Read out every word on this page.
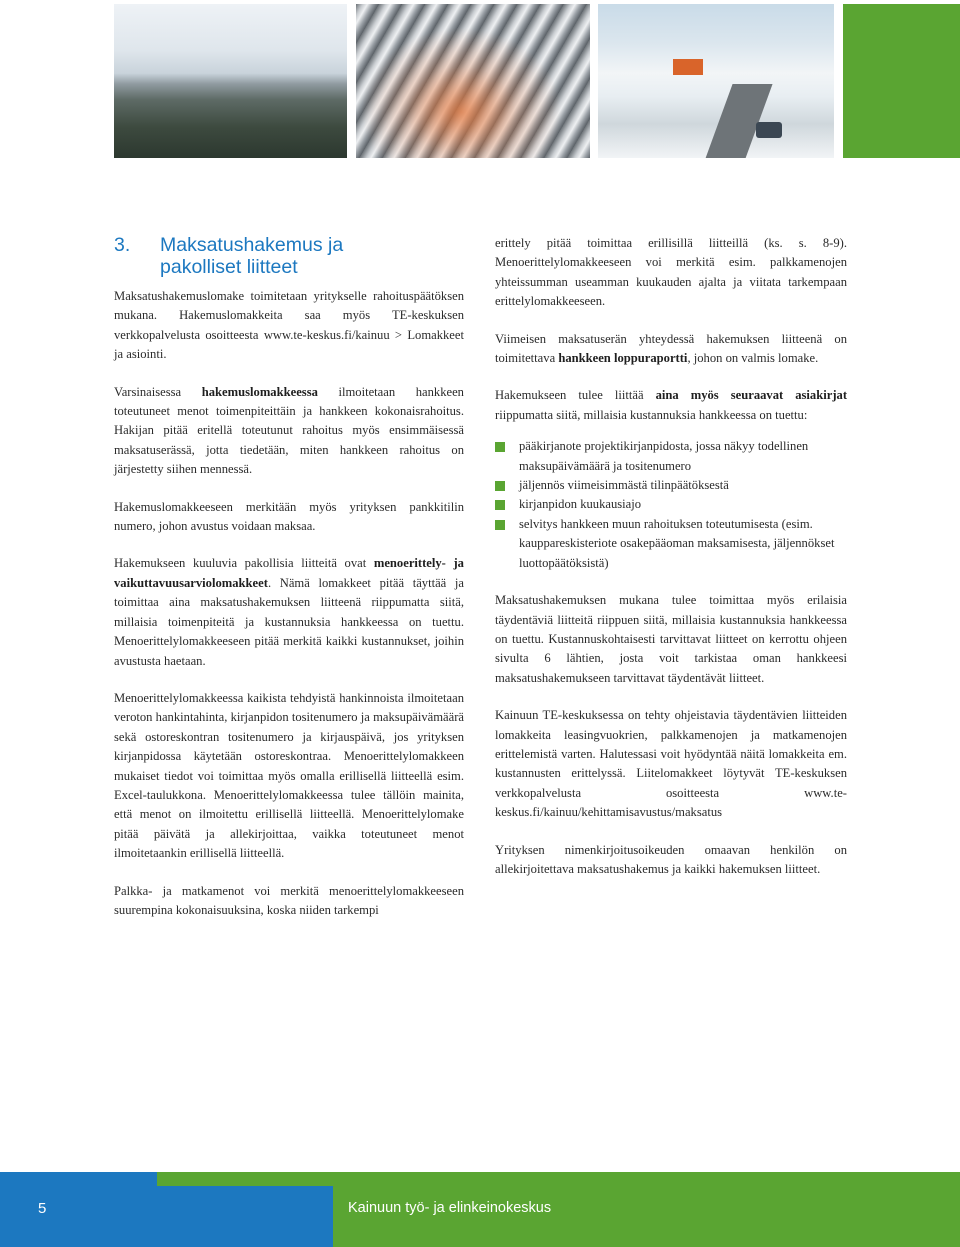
3.	Maksatushakemus ja
pakolliset liitteet

Maksatushakemuslomake toimitetaan yritykselle rahoituspäätöksen mukana. Hakemuslomakkeita saa myös TE-keskuksen verkkopalvelusta osoitteesta www.te-keskus.fi/kainuu > Lomakkeet ja asiointi.

Varsinaisessa hakemuslomakkeessa ilmoitetaan hankkeen toteutuneet menot toimenpiteittäin ja hankkeen kokonaisrahoitus. Hakijan pitää eritellä toteutunut rahoitus myös ensimmäisessä maksatuserässä, jotta tiedetään, miten hankkeen rahoitus on järjestetty siihen mennessä.

Hakemuslomakkeeseen merkitään myös yrityksen pankkitilin numero, johon avustus voidaan maksaa.

Hakemukseen kuuluvia pakollisia liitteitä ovat menoerittely- ja vaikuttavuusarviolomakkeet. Nämä lomakkeet pitää täyttää ja toimittaa aina maksatushakemuksen liitteenä riippumatta siitä, millaisia toimenpiteitä ja kustannuksia hankkeessa on tuettu. Menoerittelylomakkeeseen pitää merkitä kaikki kustannukset, joihin avustusta haetaan.

Menoerittelylomakkeessa kaikista tehdyistä hankinnoista ilmoitetaan veroton hankintahinta, kirjanpidon tositenumero ja maksupäivämäärä sekä ostoreskontran tositenumero ja kirjauspäivä, jos yrityksen kirjanpidossa käytetään ostoreskontraa. Menoerittelylomakkeen mukaiset tiedot voi toimittaa myös omalla erillisellä liitteellä esim. Excel-taulukkona. Menoerittelylomakkeessa tulee tällöin mainita, että menot on ilmoitettu erillisellä liitteellä. Menoerittelylomake pitää päivätä ja allekirjoittaa, vaikka toteutuneet menot ilmoitetaankin erillisellä liitteellä.

Palkka- ja matkamenot voi merkitä menoerittelylomakkeeseen suurempina kokonaisuuksina, koska niiden tarkempi

erittely pitää toimittaa erillisillä liitteillä (ks. s. 8-9). Menoerittelylomakkeeseen voi merkitä esim. palkkamenojen yhteissumman useamman kuukauden ajalta ja viitata tarkempaan erittelylomakkeeseen.

Viimeisen maksatuserän yhteydessä hakemuksen liitteenä on toimitettava hankkeen loppuraportti, johon on valmis lomake.

Hakemukseen tulee liittää aina myös seuraavat asiakirjat riippumatta siitä, millaisia kustannuksia hankkeessa on tuettu:

pääkirjanote projektikirjanpidosta, jossa näkyy todellinen maksupäivämäärä ja tositenumero
jäljennös viimeisimmästä tilinpäätöksestä
kirjanpidon kuukausiajo
selvitys hankkeen muun rahoituksen toteutumisesta (esim. kauppareskisteriote osakepääoman maksamisesta, jäljennökset luottopäätöksistä)

Maksatushakemuksen mukana tulee toimittaa myös erilaisia täydentäviä liitteitä riippuen siitä, millaisia kustannuksia hankkeessa on tuettu. Kustannuskohtaisesti tarvittavat liitteet on kerrottu ohjeen sivulta 6 lähtien, josta voit tarkistaa oman hankkeesi maksatushakemukseen tarvittavat täydentävät liitteet.

Kainuun TE-keskuksessa on tehty ohjeistavia täydentävien liitteiden lomakkeita leasingvuokrien, palkkamenojen ja matkamenojen erittelemistä varten. Halutessasi voit hyödyntää näitä lomakkeita em. kustannusten erittelyssä. Liitelomakkeet löytyvät TE-keskuksen verkkopalvelusta osoitteesta www.te-keskus.fi/kainuu/kehittamisavustus/maksatus

Yrityksen nimenkirjoitusoikeuden omaavan henkilön on allekirjoitettava maksatushakemus ja kaikki hakemuksen liitteet.

5	Kainuun työ- ja elinkeinokeskus
